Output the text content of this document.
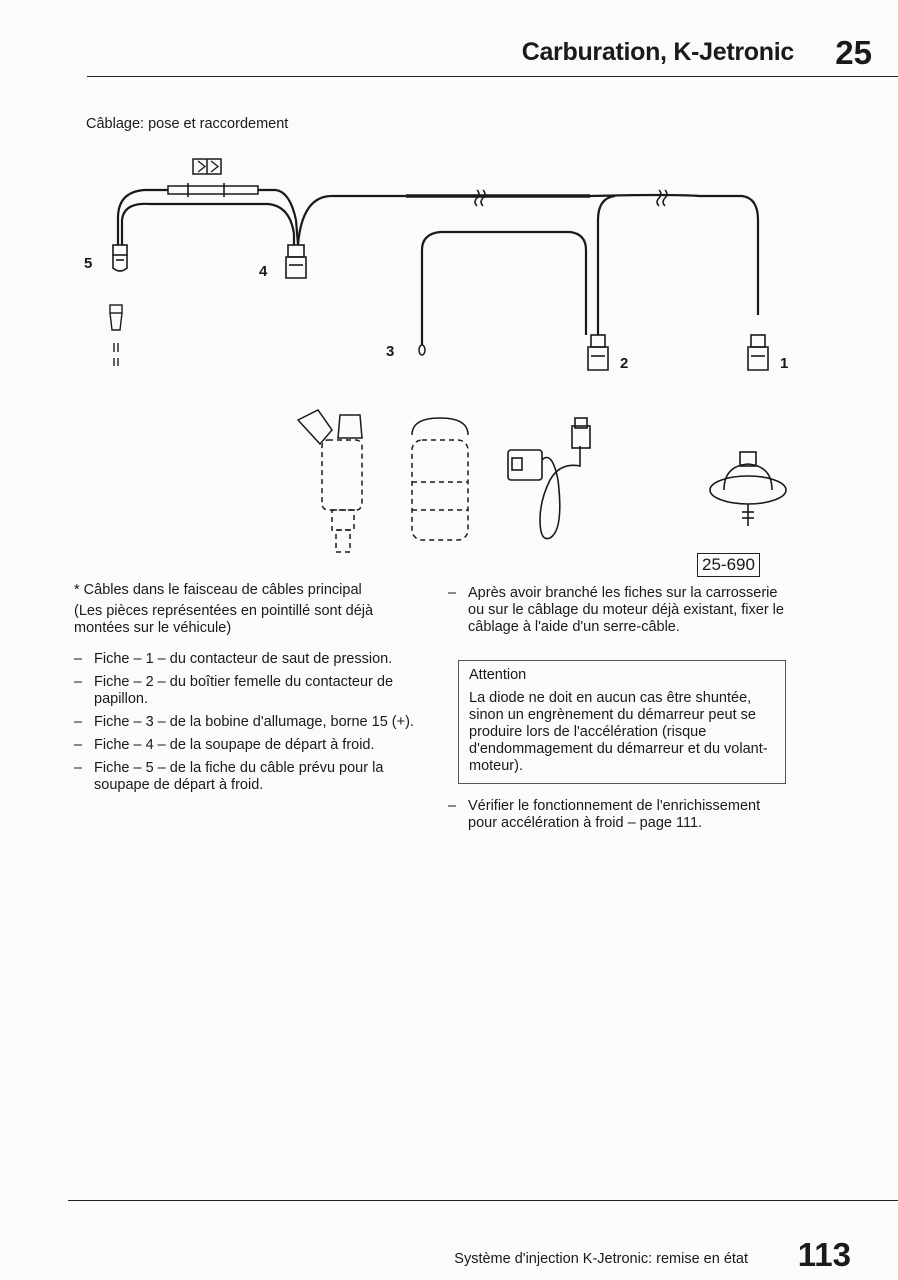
Carburation, K-Jetronic 25
Câblage: pose et raccordement
5	4
3
2	1
25-690

* Câbles dans le faisceau de câbles principal

(Les pièces représentées en pointillé sont déjà montées sur le véhicule)

– Fiche – 1 – du contacteur de saut de pression.
– Fiche – 2 – du boîtier femelle du contacteur de papillon.
– Fiche – 3 – de la bobine d'allumage, borne 15 (+).
– Fiche – 4 – de la soupape de départ à froid.
– Fiche – 5 – de la fiche du câble prévu pour la soupape de départ à froid.
– Après avoir branché les fiches sur la carrosserie ou sur le câblage du moteur déjà existant, fixer le câblage à l'aide d'un serre-câble.
Attention
La diode ne doit en aucun cas être shuntée, sinon un engrènement du démarreur peut se produire lors de l'accélération (risque d'endommagement du démarreur et du volant-moteur).
– Vérifier le fonctionnement de l'enrichissement pour accélération à froid – page 111.
Système d'injection K-Jetronic: remise en état 113
